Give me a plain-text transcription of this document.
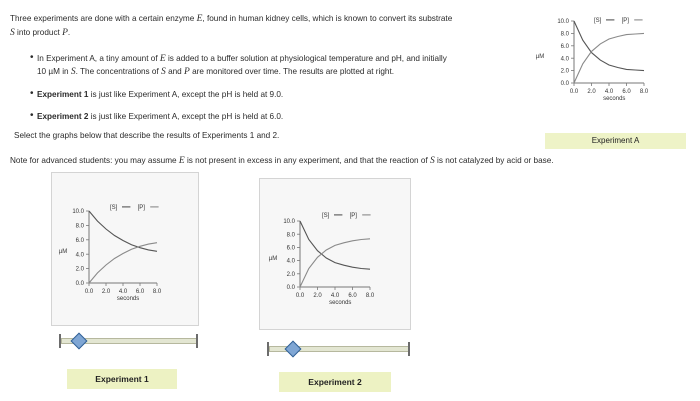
Three experiments are done with a certain enzyme E, found in human kidney cells, which is known to convert its substrate
S into product P.
• In Experiment A, a tiny amount of E is added to a buffer solution at physiological temperature and pH, and initially
10 µM in S. The concentrations of S and P are monitored over time. The results are plotted at right.
• Experiment 1 is just like Experiment A, except the pH is held at 9.0.
• Experiment 2 is just like Experiment A, except the pH is held at 6.0.
Select the graphs below that describe the results of Experiments 1 and 2.
Note for advanced students: you may assume E is not present in excess in any experiment, and that the reaction of S is not catalyzed by acid or base.
10.0
8.0
6.0
4.0
2.0
0.0
0.0 2.0 4.0 6.0 8.0
µM
seconds
[S]	[P]
Experiment A
10.0
8.0
6.0
4.0
2.0
0.0
0.0 2.0 4.0 6.0 8.0
µM
seconds
[S]	[P]
Experiment 1
10.0
8.0
6.0
4.0
2.0
0.0
0.0 2.0 4.0 6.0 8.0
µM
seconds
[S]	[P]
Experiment 2
